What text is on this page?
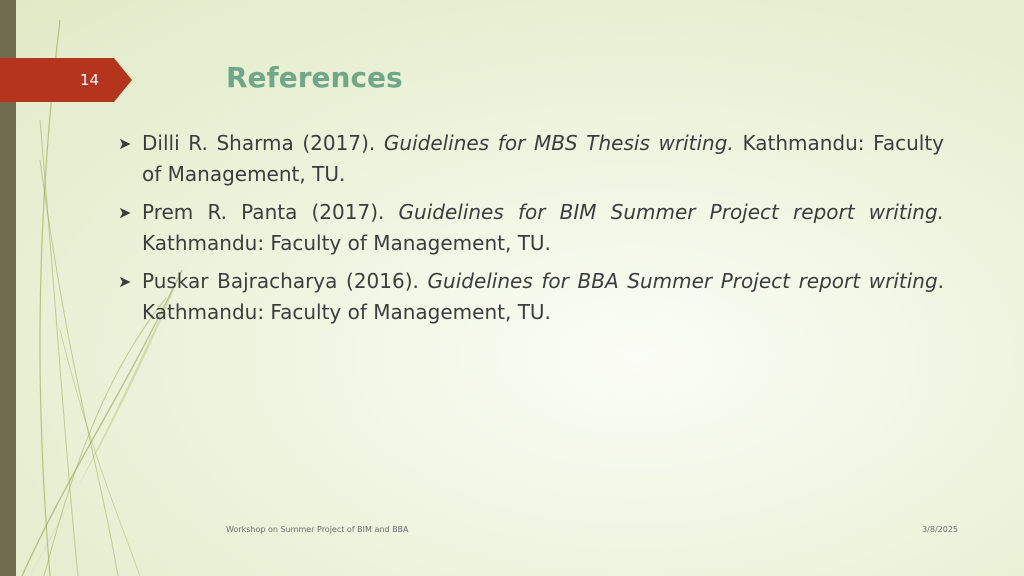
14	References
➤ Dilli R. Sharma (2017). Guidelines for MBS Thesis writing. Kathmandu: Faculty of Management, TU.
➤ Prem R. Panta (2017). Guidelines for BIM Summer Project report writing. Kathmandu: Faculty of Management, TU.
➤ Puskar Bajracharya (2016). Guidelines for BBA Summer Project report writing. Kathmandu: Faculty of Management, TU.
Workshop on Summer Project of BIM and BBA	3/8/2025
